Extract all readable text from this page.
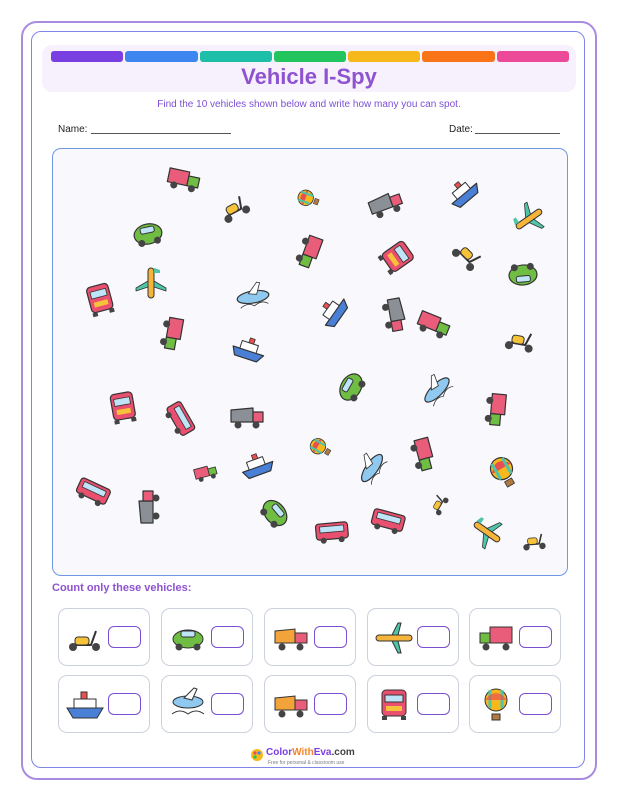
Vehicle I-Spy
Find the 10 vehicles shown below and write how many you can spot.
Name:	Date:
Count only these vehicles:
ColorWithEva.com
Free for personal & classroom use
